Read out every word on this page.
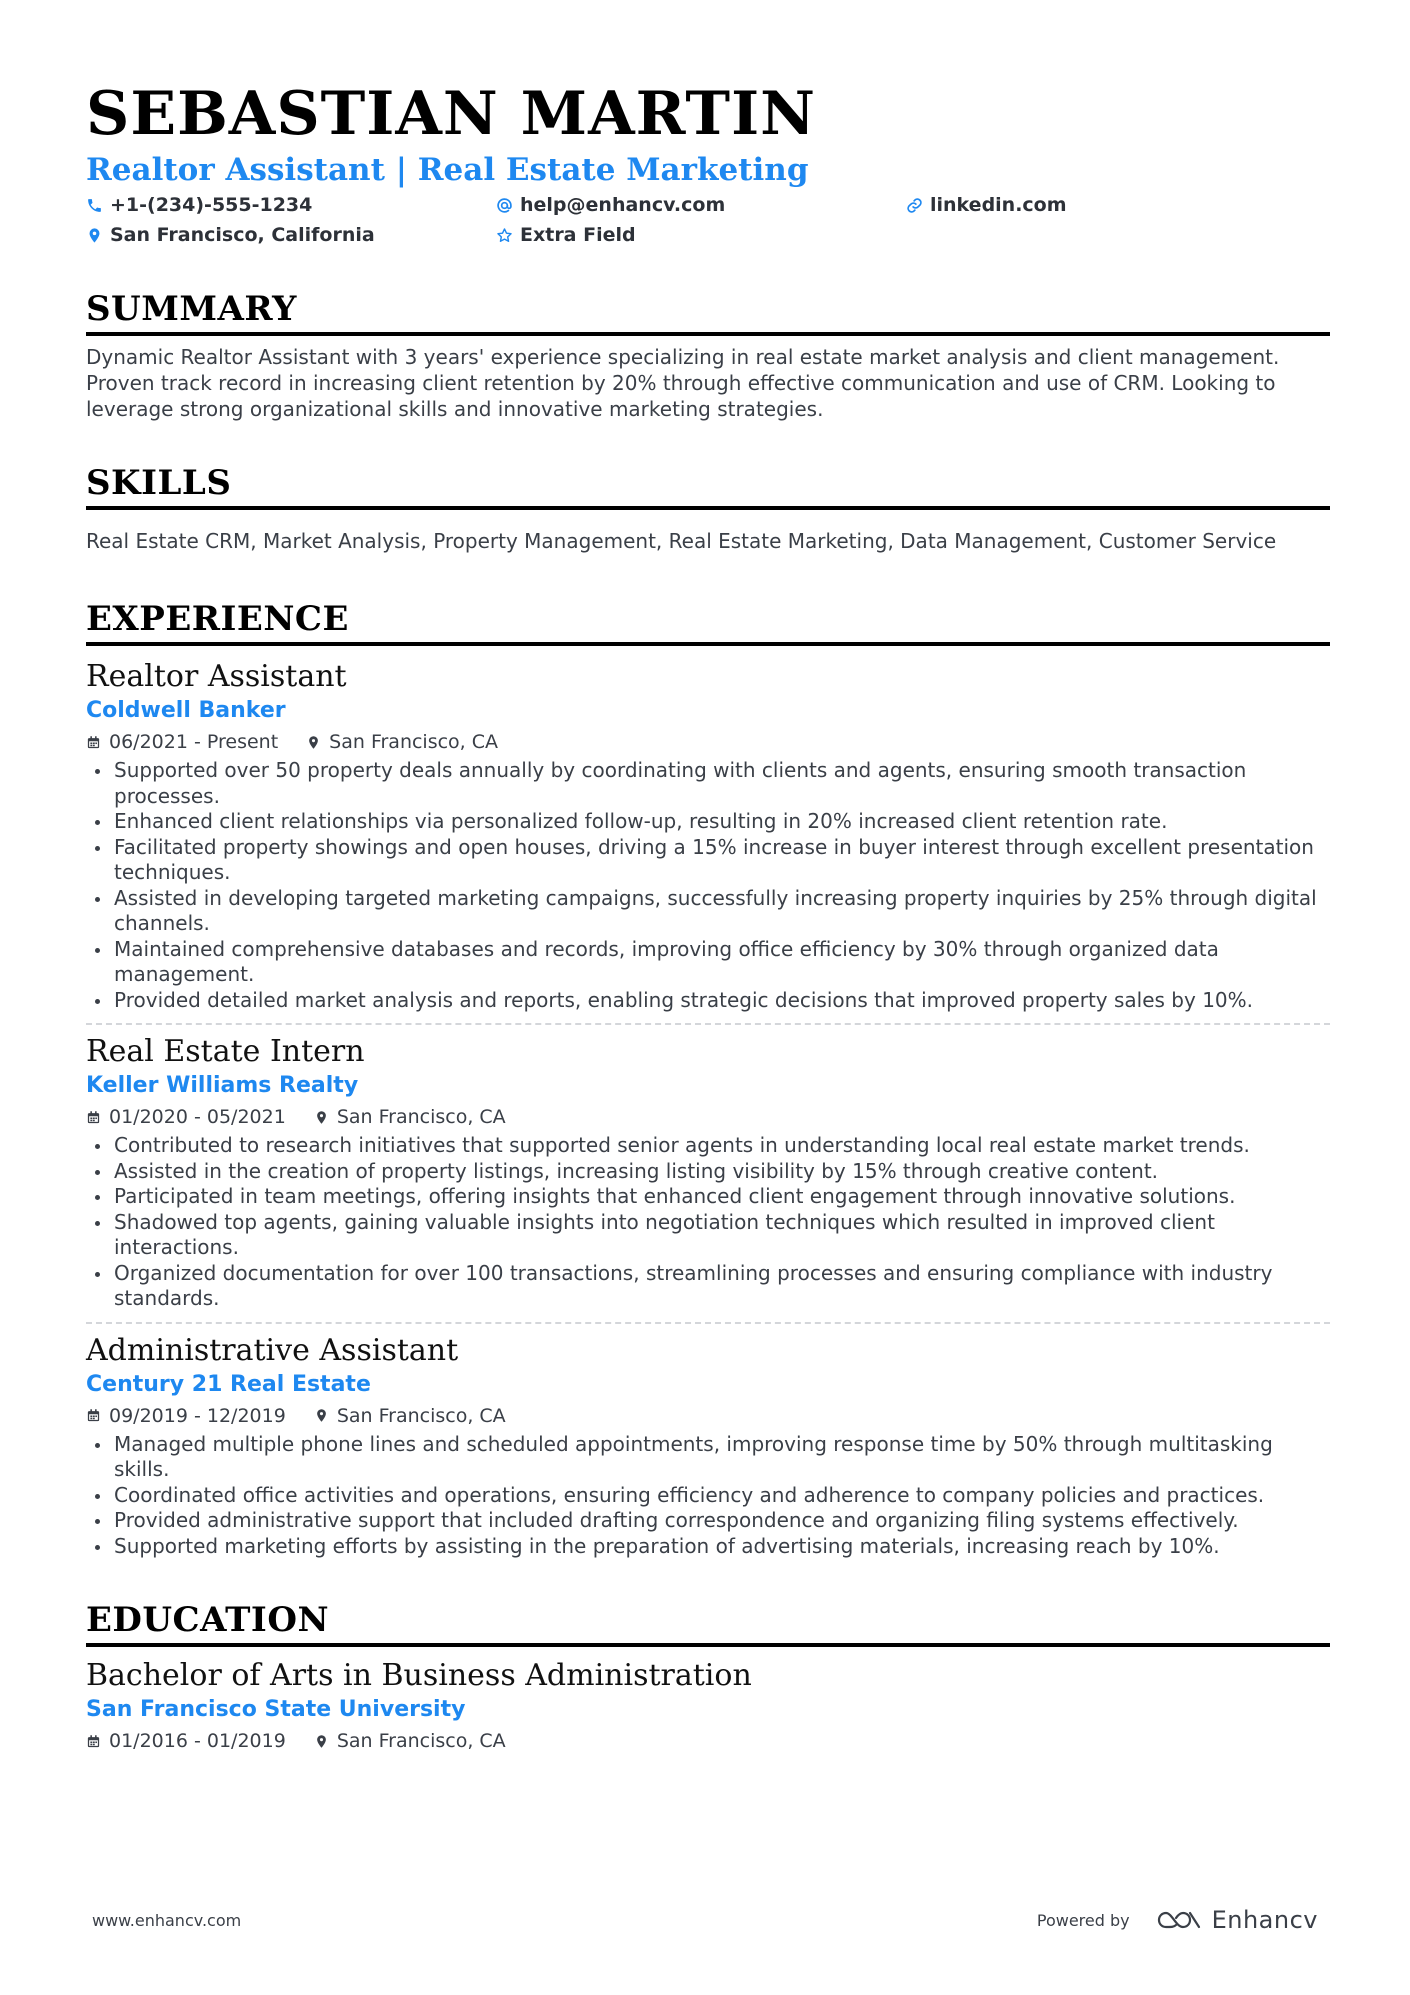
SEBASTIAN MARTIN
Realtor Assistant | Real Estate Marketing
+1-(234)-555-1234	help@enhancv.com	linkedin.com
San Francisco, California	Extra Field
SUMMARY

Dynamic Realtor Assistant with 3 years' experience specializing in real estate market analysis and client management. Proven track record in increasing client retention by 20% through effective communication and use of CRM. Looking to leverage strong organizational skills and innovative marketing strategies.

SKILLS

Real Estate CRM, Market Analysis, Property Management, Real Estate Marketing, Data Management, Customer Service

EXPERIENCE
Realtor Assistant
Coldwell Banker
06/2021 - Present	San Francisco, CA
Supported over 50 property deals annually by coordinating with clients and agents, ensuring smooth transaction processes.
Enhanced client relationships via personalized follow-up, resulting in 20% increased client retention rate.
Facilitated property showings and open houses, driving a 15% increase in buyer interest through excellent presentation techniques.
Assisted in developing targeted marketing campaigns, successfully increasing property inquiries by 25% through digital channels.
Maintained comprehensive databases and records, improving office efficiency by 30% through organized data management.
Provided detailed market analysis and reports, enabling strategic decisions that improved property sales by 10%.
Real Estate Intern
Keller Williams Realty
01/2020 - 05/2021	San Francisco, CA
Contributed to research initiatives that supported senior agents in understanding local real estate market trends.
Assisted in the creation of property listings, increasing listing visibility by 15% through creative content.
Participated in team meetings, offering insights that enhanced client engagement through innovative solutions.
Shadowed top agents, gaining valuable insights into negotiation techniques which resulted in improved client interactions.
Organized documentation for over 100 transactions, streamlining processes and ensuring compliance with industry standards.
Administrative Assistant
Century 21 Real Estate
09/2019 - 12/2019	San Francisco, CA
Managed multiple phone lines and scheduled appointments, improving response time by 50% through multitasking skills.
Coordinated office activities and operations, ensuring efficiency and adherence to company policies and practices.
Provided administrative support that included drafting correspondence and organizing filing systems effectively.
Supported marketing efforts by assisting in the preparation of advertising materials, increasing reach by 10%.
EDUCATION
Bachelor of Arts in Business Administration
San Francisco State University
01/2016 - 01/2019	San Francisco, CA
www.enhancv.com	Powered by	Enhancv
